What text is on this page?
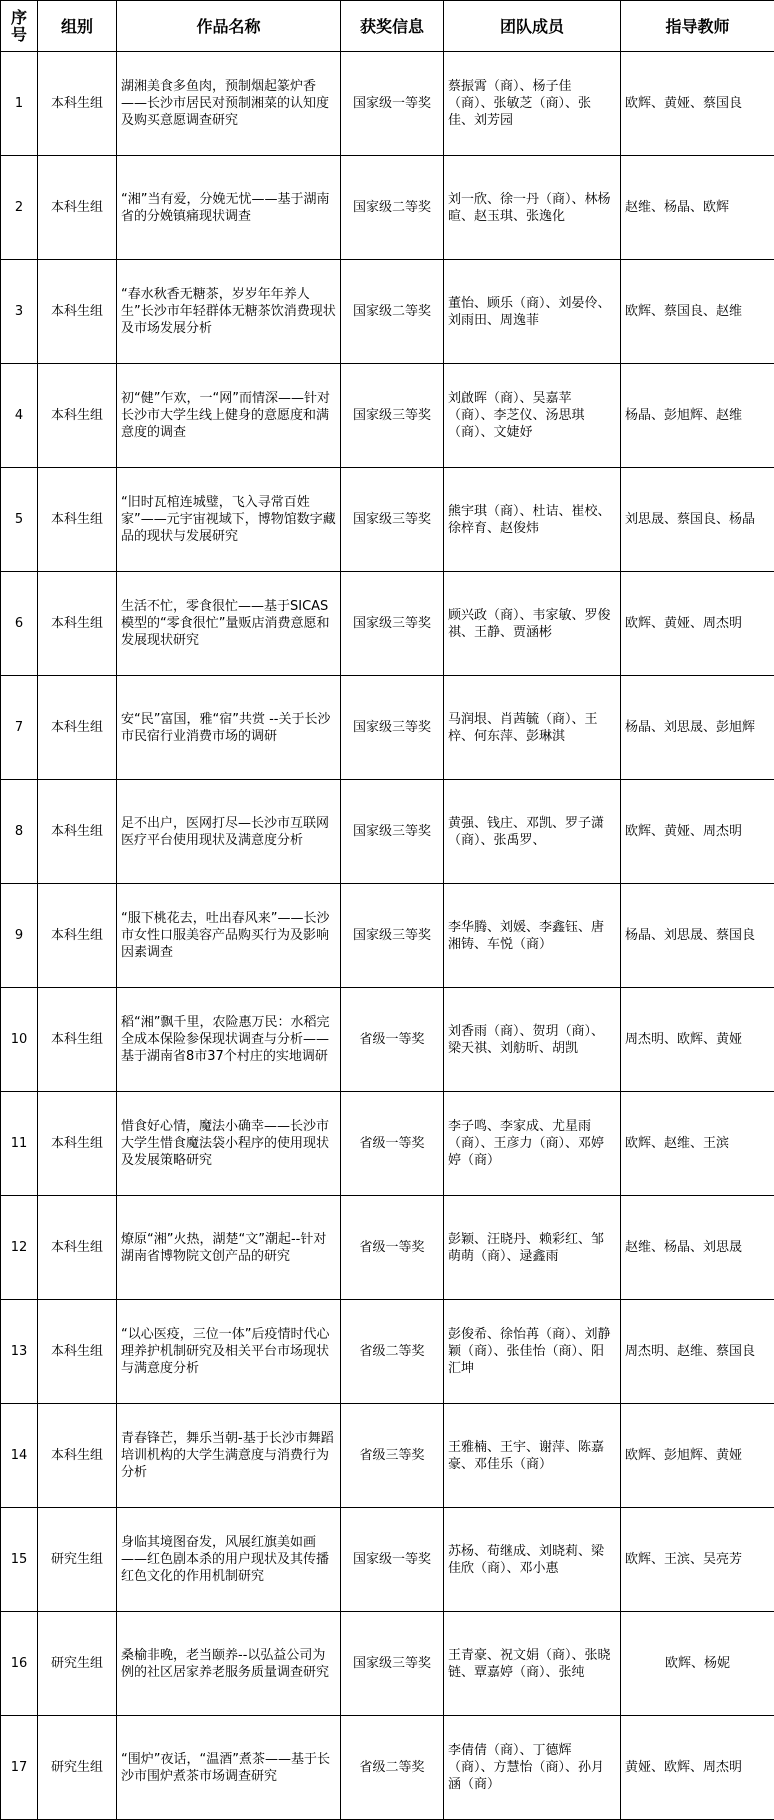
序号	组别	作品名称	获奖信息	团队成员	指导教师
1	本科生组	湖湘美食多鱼肉，预制烟起篆炉香——长沙市居民对预制湘菜的认知度及购买意愿调查研究	国家级一等奖	蔡振霄（商）、杨子佳（商）、张敏芝（商）、张佳、刘芳园	欧辉、黄娅、蔡国良
2	本科生组	“湘”当有爱，分娩无忧——基于湖南省的分娩镇痛现状调查	国家级二等奖	刘一欣、徐一丹（商）、林杨暄、赵玉琪、张逸化	赵维、杨晶、欧辉
3	本科生组	“春水秋香无糖茶，岁岁年年养人生”长沙市年轻群体无糖茶饮消费现状及市场发展分析	国家级二等奖	董怡、顾乐（商）、刘晏伶、刘雨田、周逸菲	欧辉、蔡国良、赵维
4	本科生组	初“健”乍欢，一“网”而情深——针对长沙市大学生线上健身的意愿度和满意度的调查	国家级三等奖	刘啟晖（商）、吴嘉苹（商）、李芝仪、汤思琪（商）、文婕妤	杨晶、彭旭辉、赵维
5	本科生组	“旧时瓦棺连城璧，飞入寻常百姓家”——元宇宙视域下，博物馆数字藏品的现状与发展研究	国家级三等奖	熊宇琪（商）、杜诘、崔校、徐梓育、赵俊炜	刘思晟、蔡国良、杨晶
6	本科生组	生活不忙，零食很忙——基于SICAS模型的“零食很忙”量贩店消费意愿和发展现状研究	国家级三等奖	顾兴政（商）、韦家敏、罗俊祺、王静、贾涵彬	欧辉、黄娅、周杰明
7	本科生组	安“民”富国，雅“宿”共赏 --关于长沙市民宿行业消费市场的调研	国家级三等奖	马润垠、肖茜毓（商）、王梓、何东萍、彭琳淇	杨晶、刘思晟、彭旭辉
8	本科生组	足不出户，医网打尽—长沙市互联网医疗平台使用现状及满意度分析	国家级三等奖	黄强、钱庄、邓凯、罗子潇（商）、张禹罗、	欧辉、黄娅、周杰明
9	本科生组	“服下桃花去，吐出春风来”——长沙市女性口服美容产品购买行为及影响因素调查	国家级三等奖	李华腾、刘媛、李鑫钰、唐湘铸、车悦（商）	杨晶、刘思晟、蔡国良
10	本科生组	稻“湘”飘千里，农险惠万民：水稻完全成本保险参保现状调查与分析——基于湖南省8市37个村庄的实地调研	省级一等奖	刘香雨（商）、贺玥（商）、梁天祺、刘舫昕、胡凯	周杰明、欧辉、黄娅
11	本科生组	惜食好心情，魔法小确幸——长沙市大学生惜食魔法袋小程序的使用现状及发展策略研究	省级一等奖	李子鸣、李家成、尤星雨（商）、王彦力（商）、邓婷婷（商）	欧辉、赵维、王滨
12	本科生组	燎原“湘”火热，湖楚“文”潮起--针对湖南省博物院文创产品的研究	省级一等奖	彭颖、汪晓丹、赖彩红、邹萌萌（商）、逯鑫雨	赵维、杨晶、刘思晟
13	本科生组	“以心医疫，三位一体”后疫情时代心理养护机制研究及相关平台市场现状与满意度分析	省级二等奖	彭俊希、徐怡苒（商）、刘静颖（商）、张佳怡（商）、阳汇坤	周杰明、赵维、蔡国良
14	本科生组	青春锋芒，舞乐当朝-基于长沙市舞蹈培训机构的大学生满意度与消费行为分析	省级三等奖	王雅楠、王宇、谢萍、陈嘉豪、邓佳乐（商）	欧辉、彭旭辉、黄娅
15	研究生组	身临其境图奋发，风展红旗美如画——红色剧本杀的用户现状及其传播红色文化的作用机制研究	国家级一等奖	苏杨、荀继成、刘晓莉、梁佳欣（商）、邓小惠	欧辉、王滨、吴亮芳
16	研究生组	桑榆非晚，老当颐养--以弘益公司为例的社区居家养老服务质量调查研究	国家级三等奖	王青豪、祝文娟（商）、张晓链、覃嘉婷（商）、张纯	欧辉、杨妮
17	研究生组	“围炉”夜话，“温酒”煮茶——基于长沙市围炉煮茶市场调查研究	省级二等奖	李倩倩（商）、丁德辉（商）、方慧怡（商）、孙月涵（商）	黄娅、欧辉、周杰明
